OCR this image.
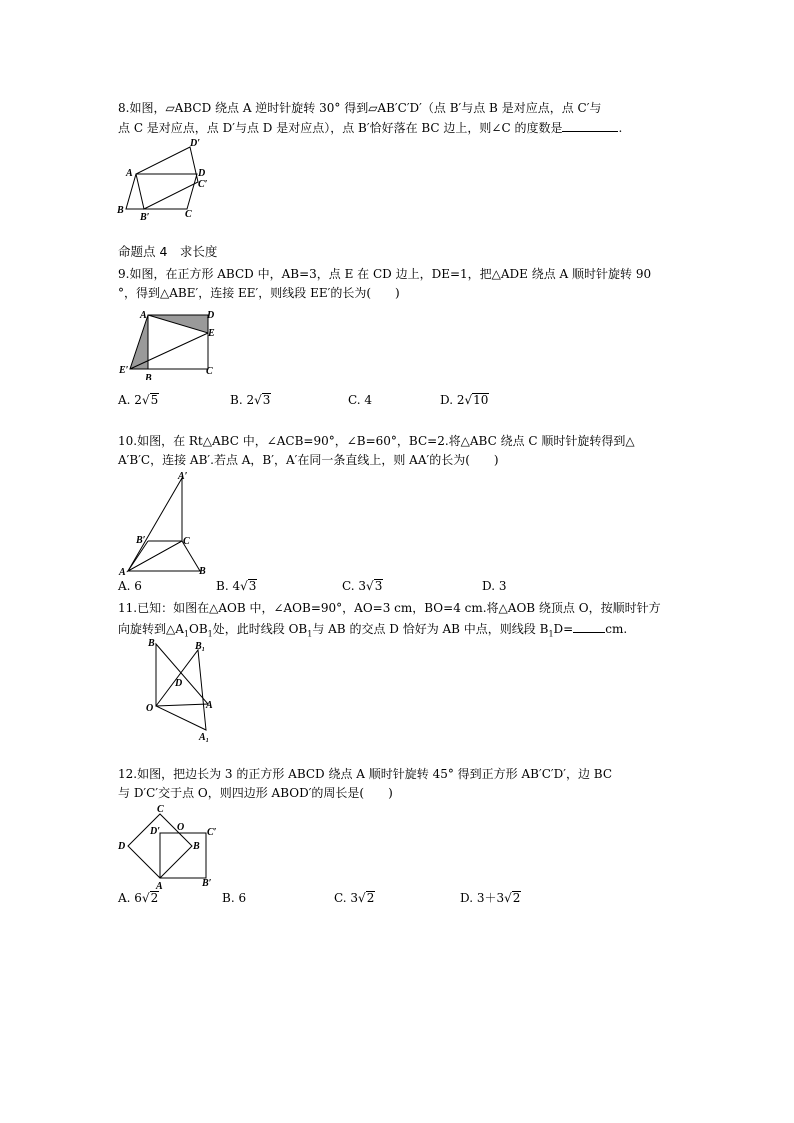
8.如图，▱ABCD 绕点 A 逆时针旋转 30° 得到▱AB′C′D′（点 B′与点 B 是对应点，点 C′与
点 C 是对应点，点 D′与点 D 是对应点），点 B′恰好落在 BC 边上，则∠C 的度数是	.
D′
A	D
C′
B
B′	C
命题点 4　求长度
9.如图，在正方形 ABCD 中，AB=3，点 E 在 CD 边上，DE=1，把△ADE 绕点 A 顺时针旋转 90
°，得到△ABE′，连接 EE′，则线段 EE′的长为(　　)
A	D
E
E′
B
C
A. 2√5	B. 2√3	C. 4	D. 2√10
10.如图，在 Rt△ABC 中，∠ACB=90°，∠B=60°，BC=2.将△ABC 绕点 C 顺时针旋转得到△
A′B′C，连接 AB′.若点 A，B′，A′在同一条直线上，则 AA′的长为(　　)
A′
B′	C
A	B
A. 6	B. 4√3	C. 3√3	D. 3
11.已知：如图在△AOB 中，∠AOB=90°，AO=3 cm，BO=4 cm.将△AOB 绕顶点 O，按顺时针方
向旋转到$\triangle A_1OB_1$处，此时线段 $OB_1$与 AB 的交点 D 恰好为 AB 中点，则线段 $B_1D=$	cm.
B	B₁
D
O	A
A₁
12.如图，把边长为 3 的正方形 ABCD 绕点 A 顺时针旋转 45° 得到正方形 AB′C′D′，边 BC
与 D′C′交于点 O，则四边形 ABOD′的周长是(　　)
C
D′ O C′
D	B
A	B′
A. 6√2	B. 6	C. 3√2	D. 3＋3√2
